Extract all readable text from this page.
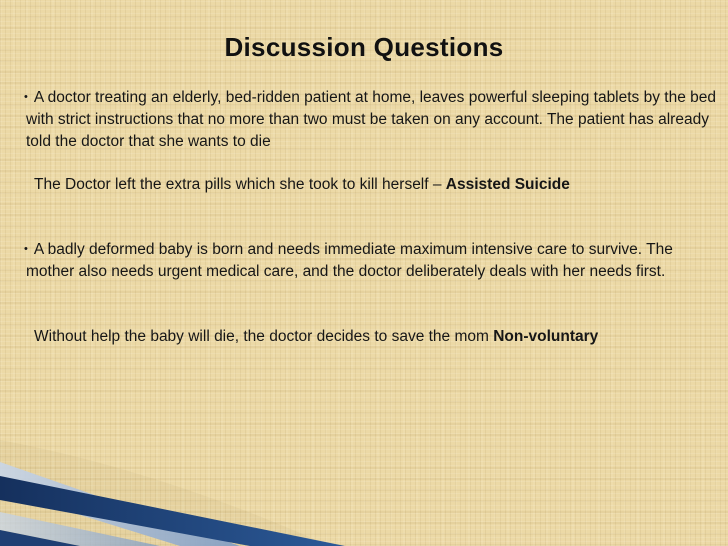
Discussion Questions
• A doctor treating an elderly, bed-ridden patient at home, leaves powerful sleeping tablets by the bed with strict instructions that no more than two must be taken on any account. The patient has already told the doctor that she wants to die
The Doctor left the extra pills which she took to kill herself – Assisted Suicide
• A badly deformed baby is born and needs immediate maximum intensive care to survive. The mother also needs urgent medical care, and the doctor deliberately deals with her needs first.
Without help the baby will die, the doctor decides to save the mom Non-voluntary
